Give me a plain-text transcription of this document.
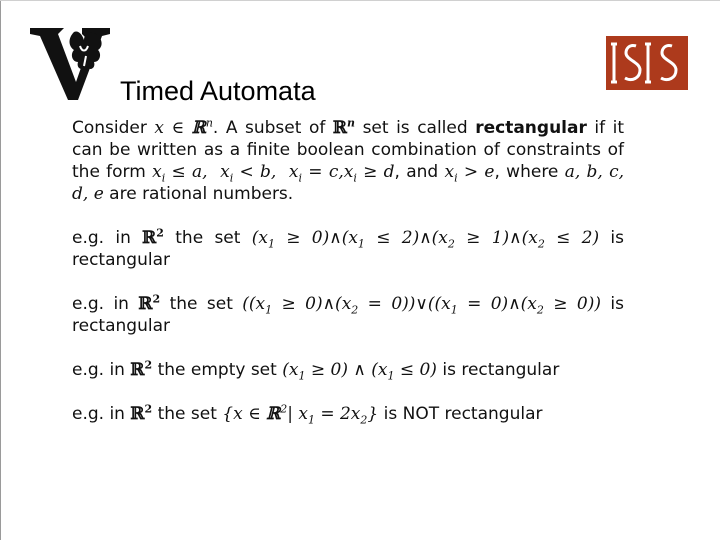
Timed Automata

Consider x ∈ ℝ$^n$. A subset of ℝ$^n$ set is called rectangular if it can be written as a finite boolean combination of constraints of the form $x_i \le a$,  $x_i < b$,  $x_i = c,x_i \ge d$, and $x_i > e$, where a, b, c, d, e are rational numbers.

e.g. in ℝ$^2$ the set ($x_1$ ≥ $0)\wedge(x_1$ ≤ $2)\wedge(x_2$ ≥ $1)\wedge(x_2 \le 2)$ is rectangular

e.g. in ℝ$^2$ the set (($x_1$ ≥ $0)\wedge(x_2$ = $0))\vee((x_1$ = $0)\wedge(x_2 \ge 0)$) is rectangular

e.g. in ℝ$^2$ the empty set $(x_1 \ge 0)$ ∧ $(x_1 \le 0)$ is rectangular

e.g. in ℝ$^2$ the set {x ∈ ℝ$^2$| $x_1 = 2x_2$} is NOT rectangular
